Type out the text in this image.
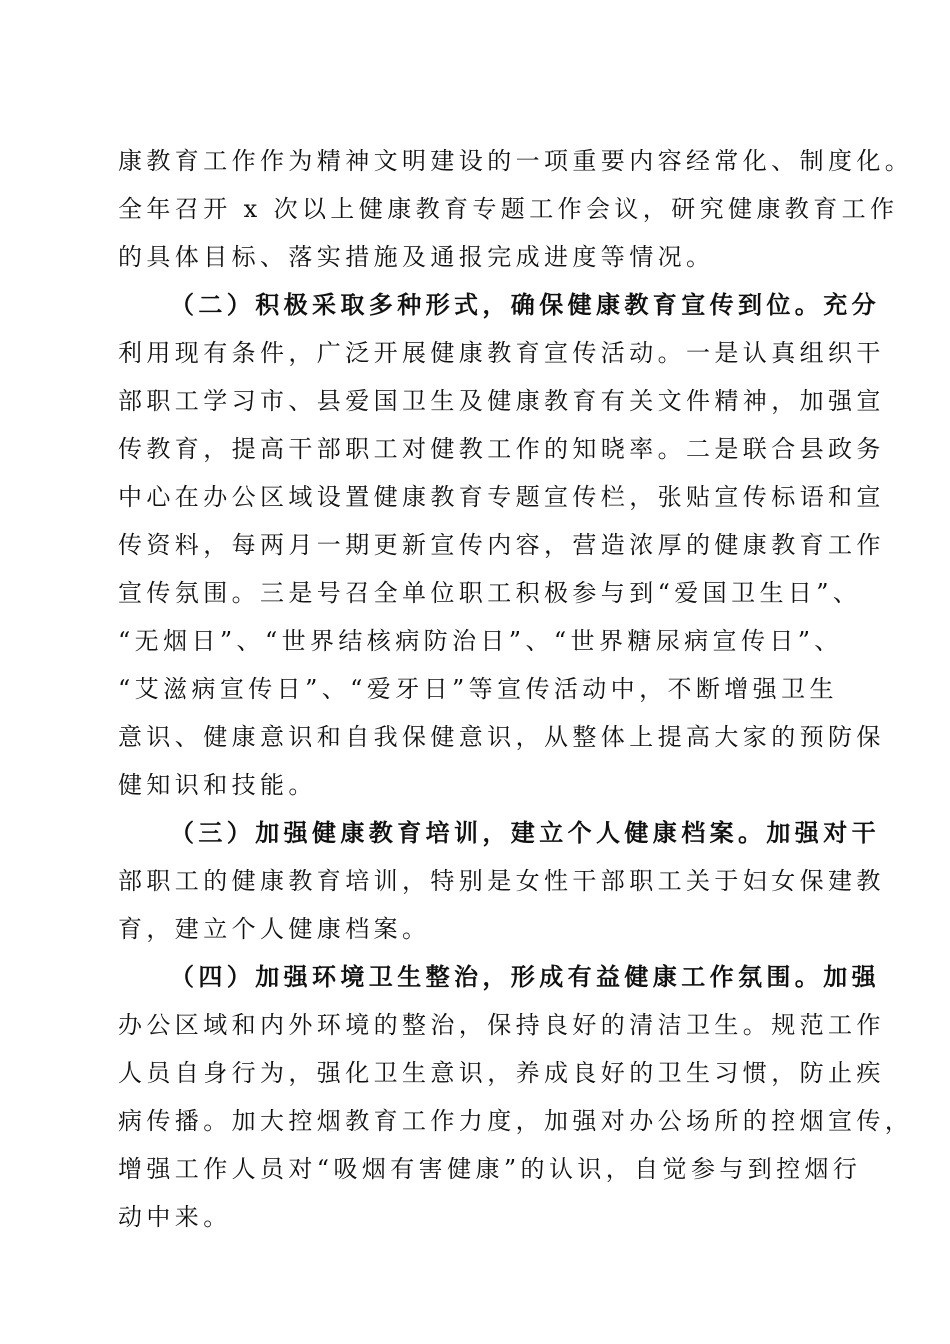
康教育工作作为精神文明建设的一项重要内容经常化、制度化。
全年召开 x 次以上健康教育专题工作会议，研究健康教育工作
的具体目标、落实措施及通报完成进度等情况。
（二）积极采取多种形式，确保健康教育宣传到位。充分
利用现有条件，广泛开展健康教育宣传活动。一是认真组织干
部职工学习市、县爱国卫生及健康教育有关文件精神，加强宣
传教育，提高干部职工对健教工作的知晓率。二是联合县政务
中心在办公区域设置健康教育专题宣传栏，张贴宣传标语和宣
传资料，每两月一期更新宣传内容，营造浓厚的健康教育工作
宣传氛围。三是号召全单位职工积极参与到“爱国卫生日”、
“无烟日”、“世界结核病防治日”、“世界糖尿病宣传日”、
“艾滋病宣传日”、“爱牙日”等宣传活动中，不断增强卫生
意识、健康意识和自我保健意识，从整体上提高大家的预防保
健知识和技能。
（三）加强健康教育培训，建立个人健康档案。加强对干
部职工的健康教育培训，特别是女性干部职工关于妇女保建教
育，建立个人健康档案。
（四）加强环境卫生整治，形成有益健康工作氛围。加强
办公区域和内外环境的整治，保持良好的清洁卫生。规范工作
人员自身行为，强化卫生意识，养成良好的卫生习惯，防止疾
病传播。加大控烟教育工作力度，加强对办公场所的控烟宣传，
增强工作人员对“吸烟有害健康”的认识，自觉参与到控烟行
动中来。
